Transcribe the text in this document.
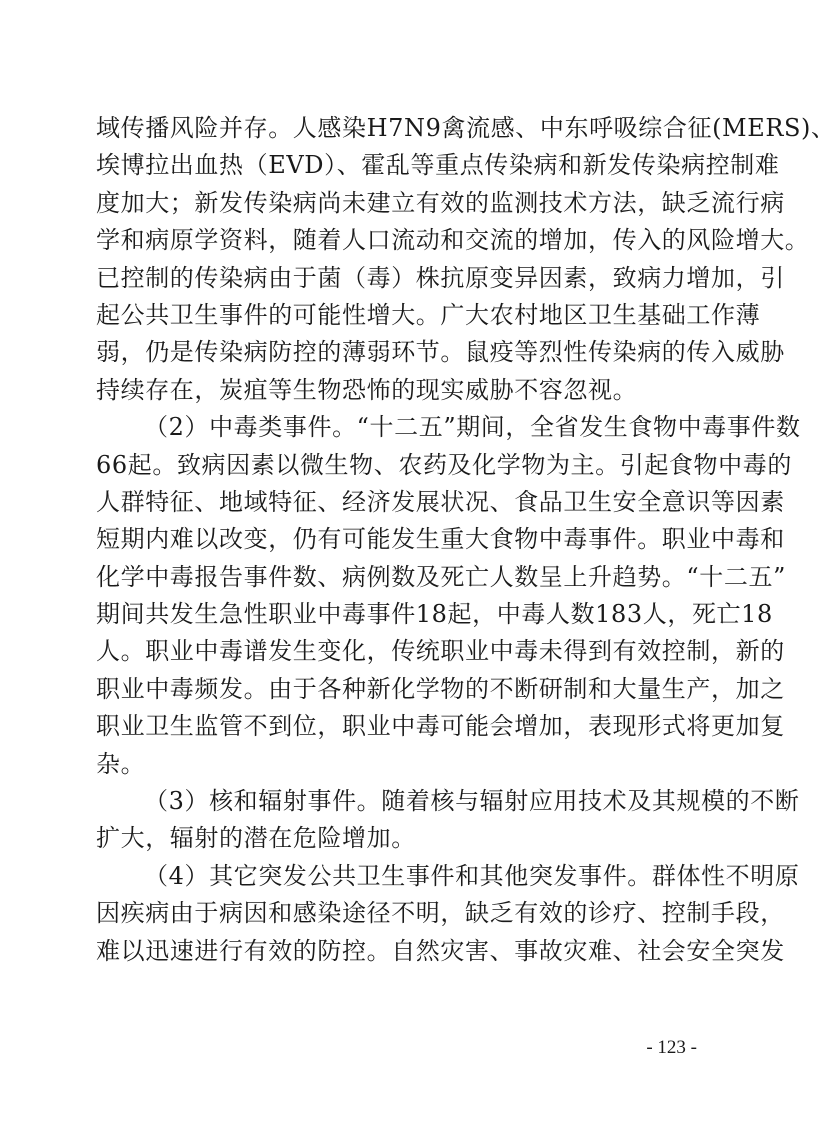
域传播风险并存。人感染H7N9禽流感、中东呼吸综合征(MERS)、
埃博拉出血热（EVD）、霍乱等重点传染病和新发传染病控制难
度加大；新发传染病尚未建立有效的监测技术方法，缺乏流行病
学和病原学资料，随着人口流动和交流的增加，传入的风险增大。
已控制的传染病由于菌（毒）株抗原变异因素，致病力增加，引
起公共卫生事件的可能性增大。广大农村地区卫生基础工作薄
弱，仍是传染病防控的薄弱环节。鼠疫等烈性传染病的传入威胁
持续存在，炭疽等生物恐怖的现实威胁不容忽视。
（2）中毒类事件。“十二五”期间，全省发生食物中毒事件数
66起。致病因素以微生物、农药及化学物为主。引起食物中毒的
人群特征、地域特征、经济发展状况、食品卫生安全意识等因素
短期内难以改变，仍有可能发生重大食物中毒事件。职业中毒和
化学中毒报告事件数、病例数及死亡人数呈上升趋势。“十二五”
期间共发生急性职业中毒事件18起，中毒人数183人，死亡18
人。职业中毒谱发生变化，传统职业中毒未得到有效控制，新的
职业中毒频发。由于各种新化学物的不断研制和大量生产，加之
职业卫生监管不到位，职业中毒可能会增加，表现形式将更加复
杂。
（3）核和辐射事件。随着核与辐射应用技术及其规模的不断
扩大，辐射的潜在危险增加。
（4）其它突发公共卫生事件和其他突发事件。群体性不明原
因疾病由于病因和感染途径不明，缺乏有效的诊疗、控制手段，
难以迅速进行有效的防控。自然灾害、事故灾难、社会安全突发
- 123 -
